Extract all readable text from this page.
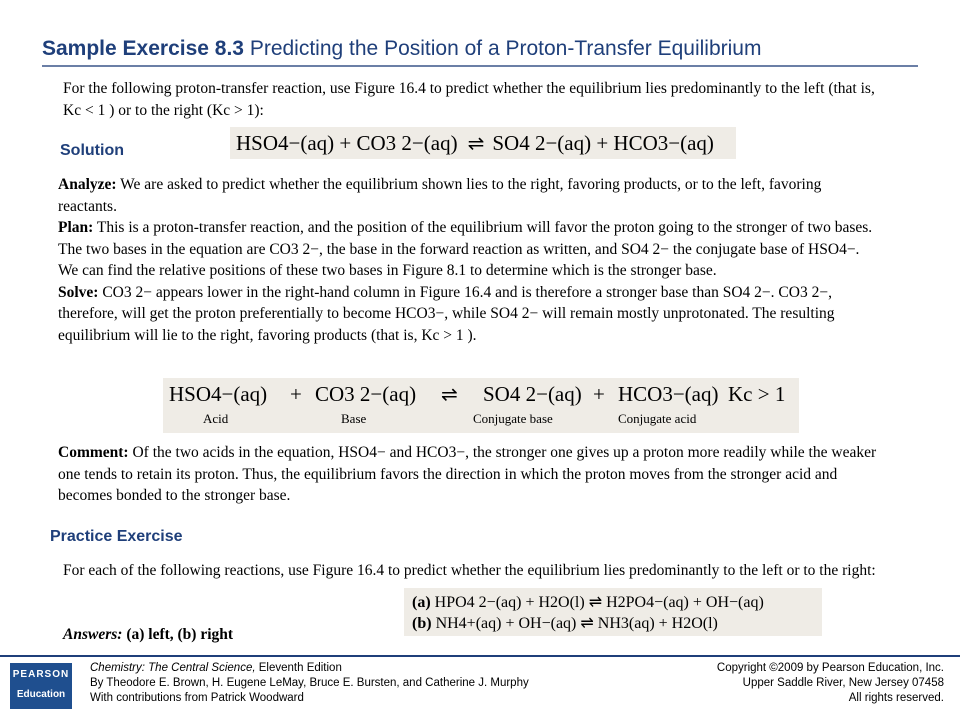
Sample Exercise 8.3 Predicting the Position of a Proton-Transfer Equilibrium

For the following proton-transfer reaction, use Figure 16.4 to predict whether the equilibrium lies predominantly to the left (that is, Kc < 1 ) or to the right (Kc > 1):

HSO4−(aq) + CO3 2−(aq) ⇌ SO4 2−(aq) + HCO3−(aq)
Solution

Analyze: We are asked to predict whether the equilibrium shown lies to the right, favoring products, or to the left, favoring reactants.

Plan: This is a proton-transfer reaction, and the position of the equilibrium will favor the proton going to the stronger of two bases. The two bases in the equation are CO3 2−, the base in the forward reaction as written, and SO4 2− the conjugate base of HSO4−. We can find the relative positions of these two bases in Figure 8.1 to determine which is the stronger base.

Solve: CO3 2− appears lower in the right-hand column in Figure 16.4 and is therefore a stronger base than SO4 2−. CO3 2−, therefore, will get the proton preferentially to become HCO3−, while SO4 2− will remain mostly unprotonated. The resulting equilibrium will lie to the right, favoring products (that is, Kc > 1 ).

HSO4−(aq) + CO3 2−(aq) ⇌ SO4 2−(aq) + HCO3−(aq) Kc > 1
Acid	Base	Conjugate base	Conjugate acid

Comment: Of the two acids in the equation, HSO4− and HCO3−, the stronger one gives up a proton more readily while the weaker one tends to retain its proton. Thus, the equilibrium favors the direction in which the proton moves from the stronger acid and becomes bonded to the stronger base.

Practice Exercise

For each of the following reactions, use Figure 16.4 to predict whether the equilibrium lies predominantly to the left or to the right:

(a) HPO4 2−(aq) + H2O(l) ⇌ H2PO4−(aq) + OH−(aq)
(b) NH4+(aq) + OH−(aq) ⇌ NH3(aq) + H2O(l)
Answers: (a) left, (b) right
PEARSON
Education
Chemistry: The Central Science, Eleventh Edition
By Theodore E. Brown, H. Eugene LeMay, Bruce E. Bursten, and Catherine J. Murphy
With contributions from Patrick Woodward
Copyright ©2009 by Pearson Education, Inc.
Upper Saddle River, New Jersey 07458
All rights reserved.
